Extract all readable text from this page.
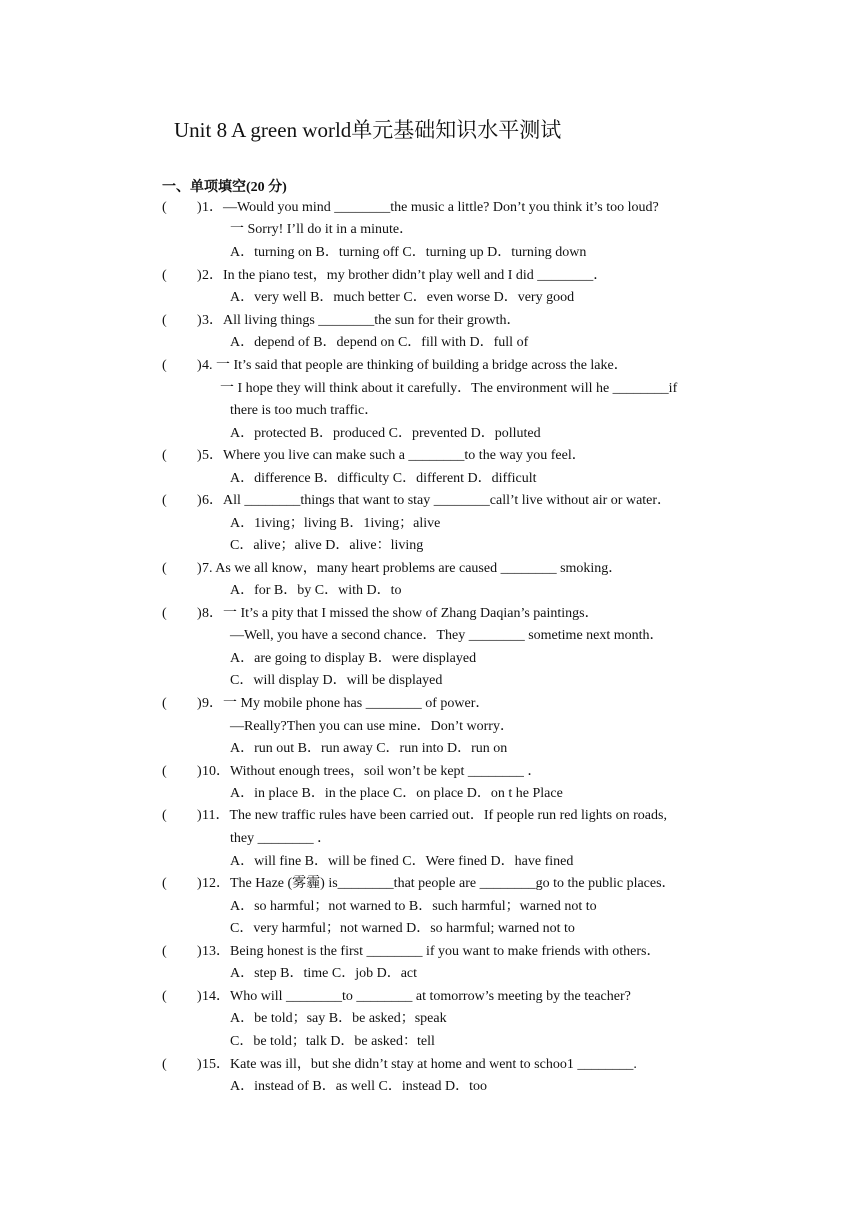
Unit 8 A green world单元基础知识水平测试
一、单项填空(20 分)
( ) 1．—Would you mind ________the music a little? Don’t you think it’s too loud?
一 Sorry! I’ll do it in a minute．
A．turning on B．turning off C．turning up D．turning down
( ) 2．In the piano test，my brother didn’t play well and I did ________．
A．very well B．much better C．even worse D．very good
( ) 3．All living things ________the sun for their growth．
A．depend of B．depend on C．fill with D．full of
( ) 4. 一 It’s said that people are thinking of building a bridge across the lake．
一 I hope they will think about it carefully．The environment will he ________if
there is too much traffic．
A．protected B．produced C．prevented D．polluted
( ) 5．Where you live can make such a ________to the way you feel．
A．difference B．difficulty C．different D．difficult
( ) 6．All ________things that want to stay ________call’t live without air or water．
A．1iving；living B．1iving；alive
C．alive；alive D．alive：living
( ) 7. As we all know，many heart problems are caused ________ smoking．
A．for B．by C．with D．to
( ) 8．一 It’s a pity that I missed the show of Zhang Daqian’s paintings．
—Well, you have a second chance．They ________ sometime next month．
A．are going to display B．were displayed
C．will display D．will be displayed
( ) 9．一 My mobile phone has ________ of power．
—Really?Then you can use mine．Don’t worry．
A．run out B．run away C．run into D．run on
( ) 10．Without enough trees，soil won’t be kept ________ ．
A．in place B．in the place C．on place D．on t he Place
( ) 11．The new traffic rules have been carried out．If people run red lights on roads,
they ________ ．
A．will fine B．will be fined C．Were fined D．have fined
( ) 12．The Haze (雾霾) is________that people are ________go to the public places．
A．so harmful；not warned to B．such harmful；warned not to
C．very harmful；not warned D．so harmful; warned not to
( ) 13．Being honest is the first ________ if you want to make friends with others．
A．step B．time C．job D．act
( ) 14．Who will ________to ________ at tomorrow’s meeting by the teacher?
A．be told；say B．be asked；speak
C．be told；talk D．be asked：tell
( ) 15．Kate was ill，but she didn’t stay at home and went to schoo1 ________.
A．instead of B．as well C．instead D．too
